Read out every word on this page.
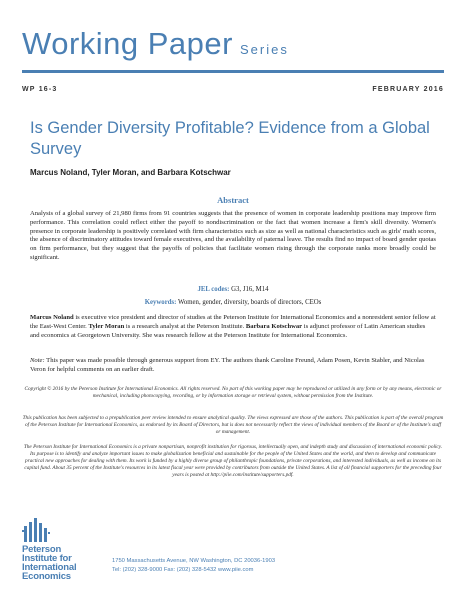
Working Paper Series
WP 16-3	FEBRUARY 2016
Is Gender Diversity Profitable? Evidence from a Global Survey
Marcus Noland, Tyler Moran, and Barbara Kotschwar
Abstract
Analysis of a global survey of 21,980 firms from 91 countries suggests that the presence of women in corporate leadership positions may improve firm performance. This correlation could reflect either the payoff to nondiscrimination or the fact that women increase a firm's skill diversity. Women's presence in corporate leadership is positively correlated with firm characteristics such as size as well as national characteristics such as girls' math scores, the absence of discriminatory attitudes toward female executives, and the availability of paternal leave. The results find no impact of board gender quotas on firm performance, but they suggest that the payoffs of policies that facilitate women rising through the corporate ranks more broadly could be significant.
JEL codes: G3, J16, M14
Keywords: Women, gender, diversity, boards of directors, CEOs
Marcus Noland is executive vice president and director of studies at the Peterson Institute for International Economics and a nonresident senior fellow at the East-West Center. Tyler Moran is a research analyst at the Peterson Institute. Barbara Kotschwar is adjunct professor of Latin American studies and economics at Georgetown University. She was research fellow at the Peterson Institute for International Economics.
Note: This paper was made possible through generous support from EY. The authors thank Caroline Freund, Adam Posen, Kevin Stabler, and Nicolas Veron for helpful comments on an earlier draft.
Copyright © 2016 by the Peterson Institute for International Economics. All rights reserved. No part of this working paper may be reproduced or utilized in any form or by any means, electronic or mechanical, including photocopying, recording, or by information storage or retrieval system, without permission from the Institute.
This publication has been subjected to a prepublication peer review intended to ensure analytical quality. The views expressed are those of the authors. This publication is part of the overall program of the Peterson Institute for International Economics, as endorsed by its Board of Directors, but is does not necessarily reflect the views of individual members of the Board or of the Institute's staff or management.
The Peterson Institute for International Economics is a private nonpartisan, nonprofit institution for rigorous, intellectually open, and indepth study and discussion of international economic policy. Its purpose is to identify and analyze important issues to make globalization beneficial and sustainable for the people of the United States and the world, and then to develop and communicate practical new approaches for dealing with them. Its work is funded by a highly diverse group of philanthropic foundations, private corporations, and interested individuals, as well as income on its capital fund. About 35 percent of the Institute's resources in its latest fiscal year were provided by contributors from outside the United States. A list of all financial supporters for the preceding four years is posted at http://piie.com/institute/supporters.pdf.
Peterson
Institute for
International
Economics
1750 Massachusetts Avenue, NW Washington, DC 20036-1903
Tel: (202) 328-9000 Fax: (202) 328-5432 www.piie.com
